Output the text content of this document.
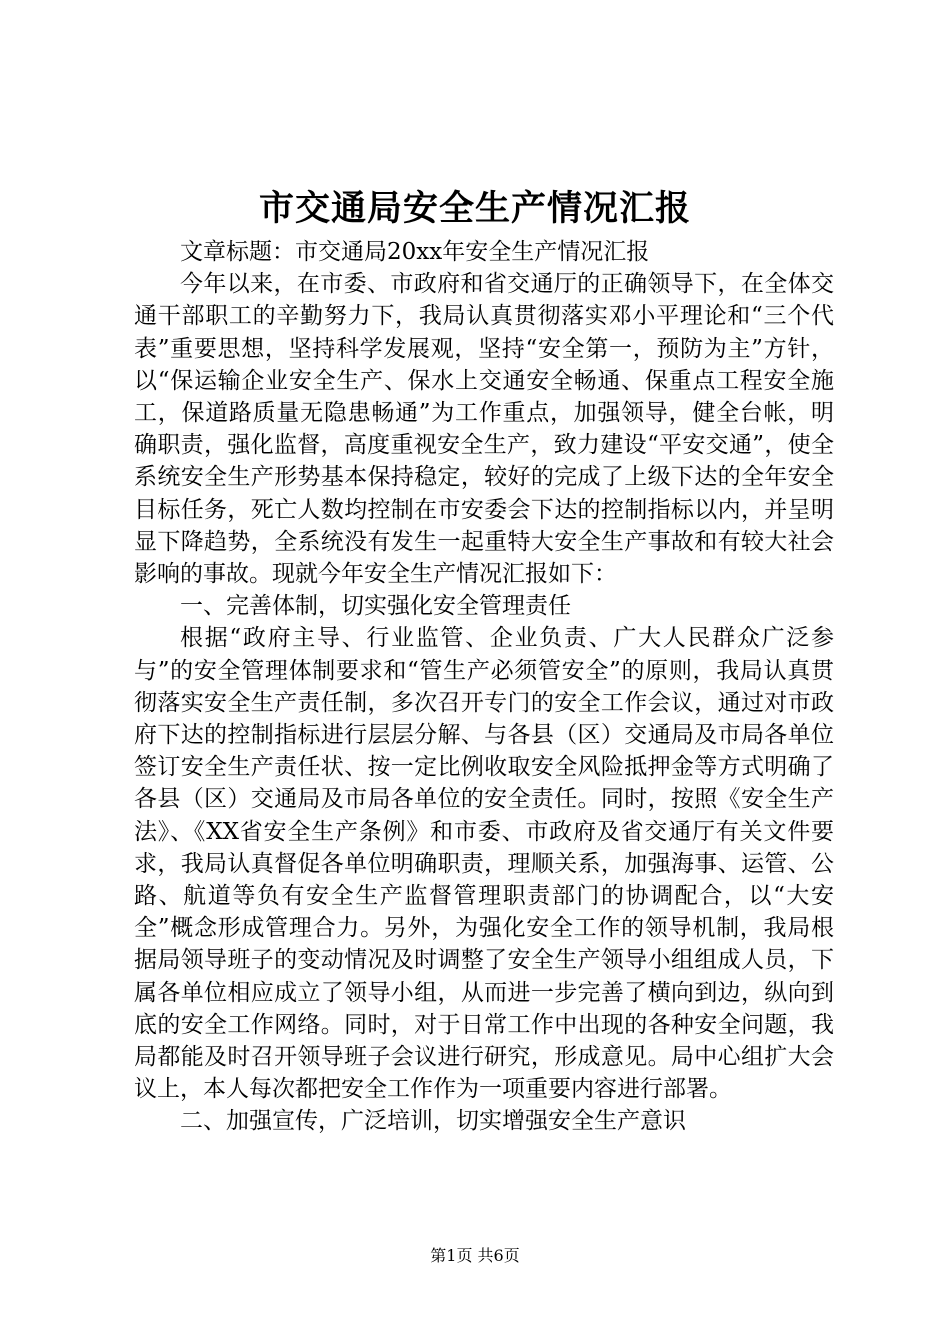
市交通局安全生产情况汇报

文章标题：市交通局20xx年安全生产情况汇报

今年以来，在市委、市政府和省交通厅的正确领导下，在全体交通干部职工的辛勤努力下，我局认真贯彻落实邓小平理论和“三个代表”重要思想，坚持科学发展观，坚持“安全第一，预防为主”方针，以“保运输企业安全生产、保水上交通安全畅通、保重点工程安全施工，保道路质量无隐患畅通”为工作重点，加强领导，健全台帐，明确职责，强化监督，高度重视安全生产，致力建设“平安交通”，使全系统安全生产形势基本保持稳定，较好的完成了上级下达的全年安全目标任务，死亡人数均控制在市安委会下达的控制指标以内，并呈明显下降趋势，全系统没有发生一起重特大安全生产事故和有较大社会影响的事故。现就今年安全生产情况汇报如下：

一、完善体制，切实强化安全管理责任

根据“政府主导、行业监管、企业负责、广大人民群众广泛参与”的安全管理体制要求和“管生产必须管安全”的原则，我局认真贯彻落实安全生产责任制，多次召开专门的安全工作会议，通过对市政府下达的控制指标进行层层分解、与各县（区）交通局及市局各单位签订安全生产责任状、按一定比例收取安全风险抵押金等方式明确了各县（区）交通局及市局各单位的安全责任。同时，按照《安全生产法》、《XX省安全生产条例》和市委、市政府及省交通厅有关文件要求，我局认真督促各单位明确职责，理顺关系，加强海事、运管、公路、航道等负有安全生产监督管理职责部门的协调配合，以“大安全”概念形成管理合力。另外，为强化安全工作的领导机制，我局根据局领导班子的变动情况及时调整了安全生产领导小组组成人员，下属各单位相应成立了领导小组，从而进一步完善了横向到边，纵向到底的安全工作网络。同时，对于日常工作中出现的各种安全问题，我局都能及时召开领导班子会议进行研究，形成意见。局中心组扩大会议上，本人每次都把安全工作作为一项重要内容进行部署。

二、加强宣传，广泛培训，切实增强安全生产意识

第1页 共6页
